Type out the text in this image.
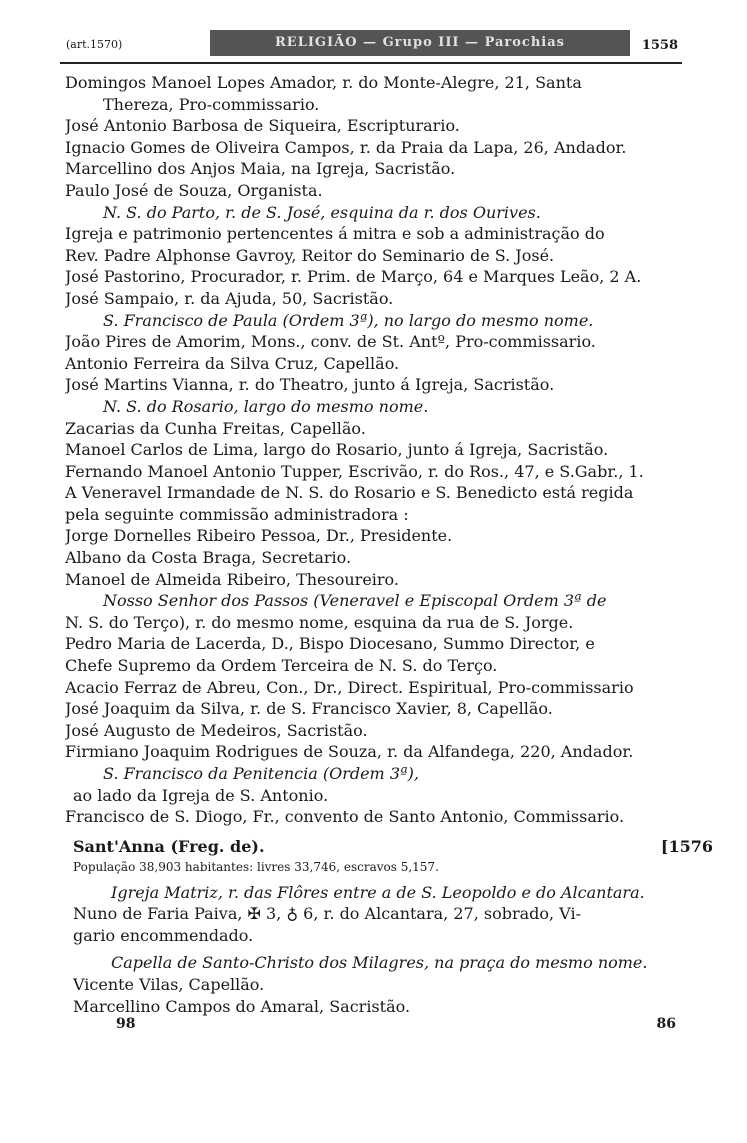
(art.1570)	RELIGIÃO — Grupo III — Parochias	1558
Domingos Manoel Lopes Amador, r. do Monte-Alegre, 21, Santa
Thereza, Pro-commissario.
José Antonio Barbosa de Siqueira, Escripturario.
Ignacio Gomes de Oliveira Campos, r. da Praia da Lapa, 26, Andador.
Marcellino dos Anjos Maia, na Igreja, Sacristão.
Paulo José de Souza, Organista.
N. S. do Parto, r. de S. José, esquina da r. dos Ourives.
Igreja e patrimonio pertencentes á mitra e sob a administração do
Rev. Padre Alphonse Gavroy, Reitor do Seminario de S. José.
José Pastorino, Procurador, r. Prim. de Março, 64 e Marques Leão, 2 A.
José Sampaio, r. da Ajuda, 50, Sacristão.
S. Francisco de Paula (Ordem 3ª), no largo do mesmo nome.
João Pires de Amorim, Mons., conv. de St. Antº, Pro-commissario.
Antonio Ferreira da Silva Cruz, Capellão.
José Martins Vianna, r. do Theatro, junto á Igreja, Sacristão.
N. S. do Rosario, largo do mesmo nome.
Zacarias da Cunha Freitas, Capellão.
Manoel Carlos de Lima, largo do Rosario, junto á Igreja, Sacristão.
Fernando Manoel Antonio Tupper, Escrivão, r. do Ros., 47, e S.Gabr., 1.
A Veneravel Irmandade de N. S. do Rosario e S. Benedicto está regida
pela seguinte commissão administradora :
Jorge Dornelles Ribeiro Pessoa, Dr., Presidente.
Albano da Costa Braga, Secretario.
Manoel de Almeida Ribeiro, Thesoureiro.
Nosso Senhor dos Passos (Veneravel e Episcopal Ordem 3ª de
N. S. do Terço), r. do mesmo nome, esquina da rua de S. Jorge.
Pedro Maria de Lacerda, D., Bispo Diocesano, Summo Director, e
Chefe Supremo da Ordem Terceira de N. S. do Terço.
Acacio Ferraz de Abreu, Con., Dr., Direct. Espiritual, Pro-commissario
José Joaquim da Silva, r. de S. Francisco Xavier, 8, Capellão.
José Augusto de Medeiros, Sacristão.
Firmiano Joaquim Rodrigues de Souza, r. da Alfandega, 220, Andador.
S. Francisco da Penitencia (Ordem 3ª),
ao lado da Igreja de S. Antonio.
Francisco de S. Diogo, Fr., convento de Santo Antonio, Commissario.
Sant'Anna (Freg. de).	[1576
População 38,903 habitantes: livres 33,746, escravos 5,157.
Igreja Matriz, r. das Flôres entre a de S. Leopoldo e do Alcantara.
Nuno de Faria Paiva, ✠ 3, ♁ 6, r. do Alcantara, 27, sobrado, Vi-
gario encommendado.
Capella de Santo-Christo dos Milagres, na praça do mesmo nome.
Vicente Vilas, Capellão.
Marcellino Campos do Amaral, Sacristão.
98	86
